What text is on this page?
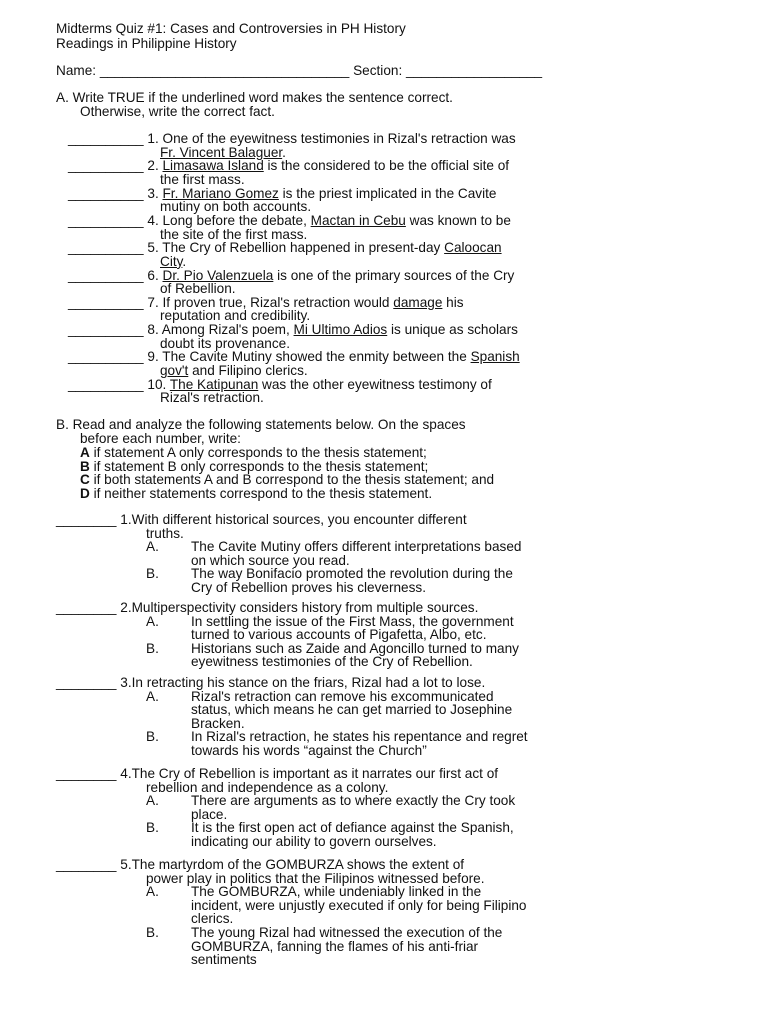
Midterms Quiz #1: Cases and Controversies in PH History
Readings in Philippine History
Name: _________________________________ Section: __________________
A. Write TRUE if the underlined word makes the sentence correct.
Otherwise, write the correct fact.
__________ 1. One of the eyewitness testimonies in Rizal's retraction was
Fr. Vincent Balaguer.
__________ 2. Limasawa Island is the considered to be the official site of
the first mass.
__________ 3. Fr. Mariano Gomez is the priest implicated in the Cavite
mutiny on both accounts.
__________ 4. Long before the debate, Mactan in Cebu was known to be
the site of the first mass.
__________ 5. The Cry of Rebellion happened in present-day Caloocan
City.
__________ 6. Dr. Pio Valenzuela is one of the primary sources of the Cry
of Rebellion.
__________ 7. If proven true, Rizal's retraction would damage his
reputation and credibility.
__________ 8. Among Rizal's poem, Mi Ultimo Adios is unique as scholars
doubt its provenance.
__________ 9. The Cavite Mutiny showed the enmity between the Spanish
gov't and Filipino clerics.
__________ 10. The Katipunan was the other eyewitness testimony of
Rizal's retraction.
B. Read and analyze the following statements below. On the spaces
before each number, write:
A if statement A only corresponds to the thesis statement;
B if statement B only corresponds to the thesis statement;
C if both statements A and B correspond to the thesis statement; and
D if neither statements correspond to the thesis statement.
________ 1.With different historical sources, you encounter different
truths.
A. The Cavite Mutiny offers different interpretations based
on which source you read.
B. The way Bonifacio promoted the revolution during the
Cry of Rebellion proves his cleverness.
________ 2.Multiperspectivity considers history from multiple sources.
A. In settling the issue of the First Mass, the government
turned to various accounts of Pigafetta, Albo, etc.
B. Historians such as Zaide and Agoncillo turned to many
eyewitness testimonies of the Cry of Rebellion.
________ 3.In retracting his stance on the friars, Rizal had a lot to lose.
A. Rizal's retraction can remove his excommunicated
status, which means he can get married to Josephine
Bracken.
B. In Rizal's retraction, he states his repentance and regret
towards his words “against the Church”
________ 4.The Cry of Rebellion is important as it narrates our first act of
rebellion and independence as a colony.
A. There are arguments as to where exactly the Cry took
place.
B. It is the first open act of defiance against the Spanish,
indicating our ability to govern ourselves.
________ 5.The martyrdom of the GOMBURZA shows the extent of
power play in politics that the Filipinos witnessed before.
A. The GOMBURZA, while undeniably linked in the
incident, were unjustly executed if only for being Filipino
clerics.
B. The young Rizal had witnessed the execution of the
GOMBURZA, fanning the flames of his anti-friar
sentiments
